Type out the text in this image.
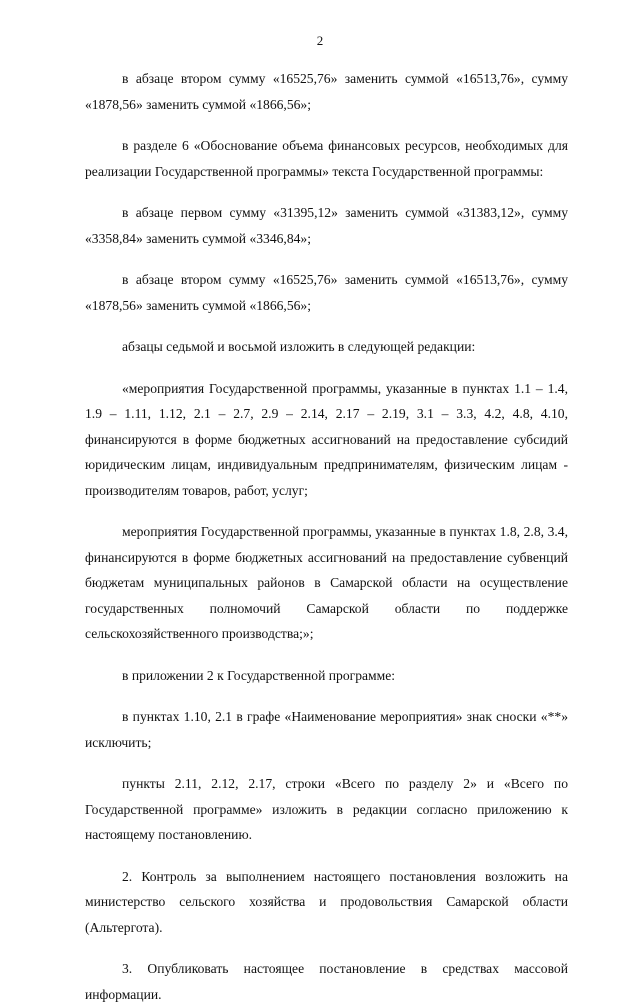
2

в абзаце втором сумму «16525,76» заменить суммой «16513,76», сумму «1878,56» заменить суммой «1866,56»;

в разделе 6 «Обоснование объема финансовых ресурсов, необходимых для реализации Государственной программы» текста Государственной программы:

в абзаце первом сумму «31395,12» заменить суммой «31383,12», сумму «3358,84» заменить суммой «3346,84»;

в абзаце втором сумму «16525,76» заменить суммой «16513,76», сумму «1878,56» заменить суммой «1866,56»;

абзацы седьмой и восьмой изложить в следующей редакции:

«мероприятия Государственной программы, указанные в пунктах 1.1 – 1.4, 1.9 – 1.11, 1.12, 2.1 – 2.7, 2.9 – 2.14, 2.17 – 2.19, 3.1 – 3.3, 4.2, 4.8, 4.10, финансируются в форме бюджетных ассигнований на предоставление субсидий юридическим лицам, индивидуальным предпринимателям, физическим лицам - производителям товаров, работ, услуг;

мероприятия Государственной программы, указанные в пунктах 1.8, 2.8, 3.4, финансируются в форме бюджетных ассигнований на предоставление субвенций бюджетам муниципальных районов в Самарской области на осуществление государственных полномочий Самарской области по поддержке сельскохозяйственного производства;»;

в приложении 2 к Государственной программе:

в пунктах 1.10, 2.1 в графе «Наименование мероприятия» знак сноски «**» исключить;

пункты 2.11, 2.12, 2.17, строки «Всего по разделу 2» и «Всего по Государственной программе» изложить в редакции согласно приложению к настоящему постановлению.

2. Контроль за выполнением настоящего постановления возложить на министерство сельского хозяйства и продовольствия Самарской области (Альтергота).

3. Опубликовать настоящее постановление в средствах массовой информации.
